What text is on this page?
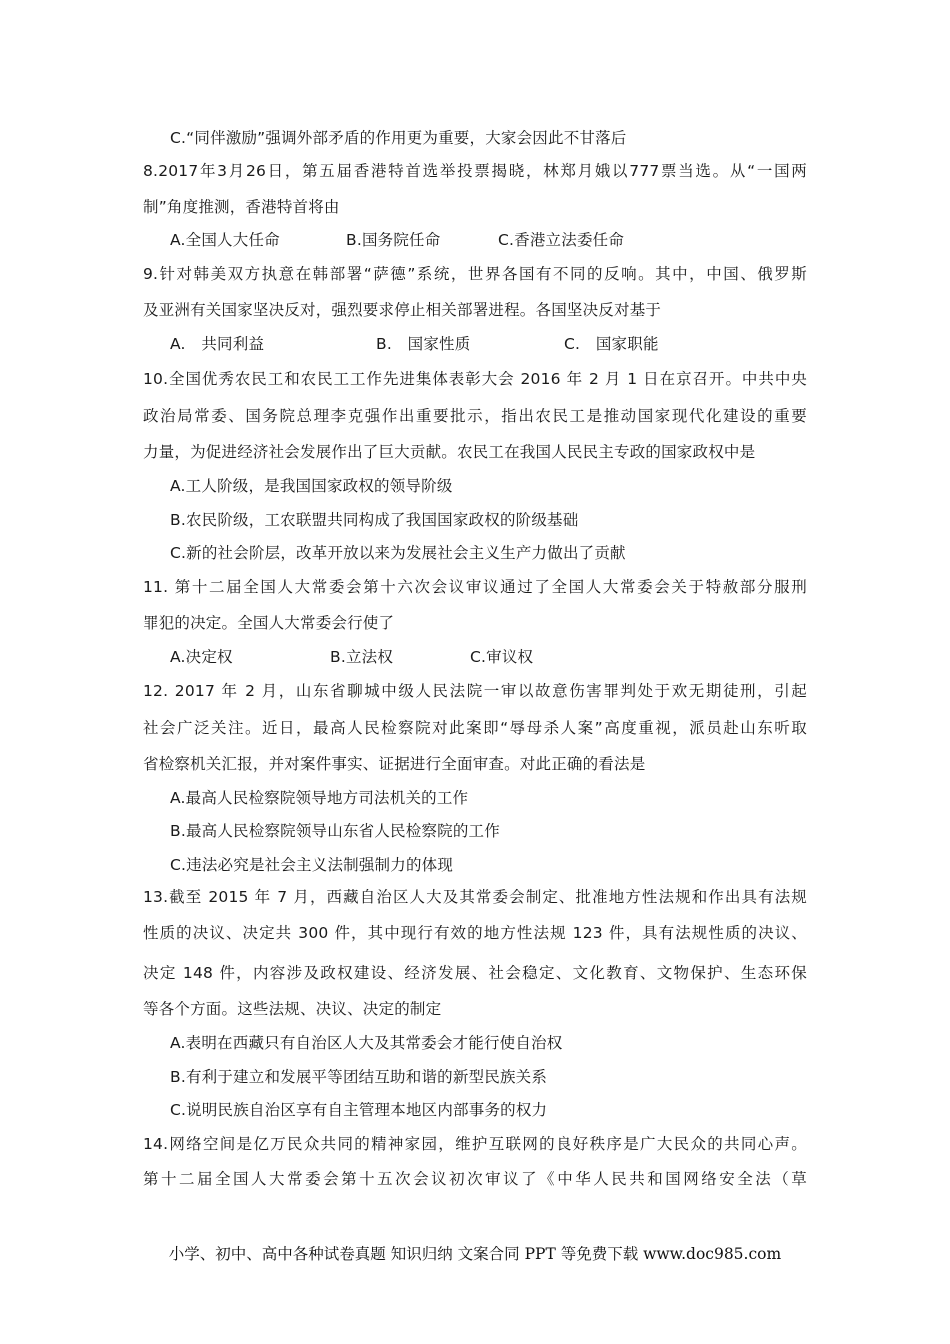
C.“同伴激励”强调外部矛盾的作用更为重要，大家会因此不甘落后

8.2017年3月26日，第五届香港特首选举投票揭晓，林郑月娥以777票当选。从“一国两

制”角度推测，香港特首将由

A.全国人大任命	B.国务院任命	C.香港立法委任命

9.针对韩美双方执意在韩部署“萨德”系统，世界各国有不同的反响。其中，中国、俄罗斯

及亚洲有关国家坚决反对，强烈要求停止相关部署进程。各国坚决反对基于

A.　共同利益	B.　国家性质	C.　国家职能

10.全国优秀农民工和农民工工作先进集体表彰大会 2016 年 2 月 1 日在京召开。中共中央

政治局常委、国务院总理李克强作出重要批示，指出农民工是推动国家现代化建设的重要

力量，为促进经济社会发展作出了巨大贡献。农民工在我国人民民主专政的国家政权中是

A.工人阶级，是我国国家政权的领导阶级

B.农民阶级，工农联盟共同构成了我国国家政权的阶级基础

C.新的社会阶层，改革开放以来为发展社会主义生产力做出了贡献

11. 第十二届全国人大常委会第十六次会议审议通过了全国人大常委会关于特赦部分服刑

罪犯的决定。全国人大常委会行使了

A.决定权	B.立法权	C.审议权

12. 2017 年 2 月，山东省聊城中级人民法院一审以故意伤害罪判处于欢无期徒刑，引起

社会广泛关注。近日，最高人民检察院对此案即“辱母杀人案”高度重视，派员赴山东听取

省检察机关汇报，并对案件事实、证据进行全面审查。对此正确的看法是

A.最高人民检察院领导地方司法机关的工作

B.最高人民检察院领导山东省人民检察院的工作

C.违法必究是社会主义法制强制力的体现

13.截至 2015 年 7 月，西藏自治区人大及其常委会制定、批准地方性法规和作出具有法规

性质的决议、决定共 300 件，其中现行有效的地方性法规 123 件，具有法规性质的决议、

决定 148 件，内容涉及政权建设、经济发展、社会稳定、文化教育、文物保护、生态环保

等各个方面。这些法规、决议、决定的制定

A.表明在西藏只有自治区人大及其常委会才能行使自治权

B.有利于建立和发展平等团结互助和谐的新型民族关系

C.说明民族自治区享有自主管理本地区内部事务的权力

14.网络空间是亿万民众共同的精神家园，维护互联网的良好秩序是广大民众的共同心声。

第十二届全国人大常委会第十五次会议初次审议了《中华人民共和国网络安全法（草

小学、初中、高中各种试卷真题 知识归纳 文案合同 PPT 等免费下载 www.doc985.com
